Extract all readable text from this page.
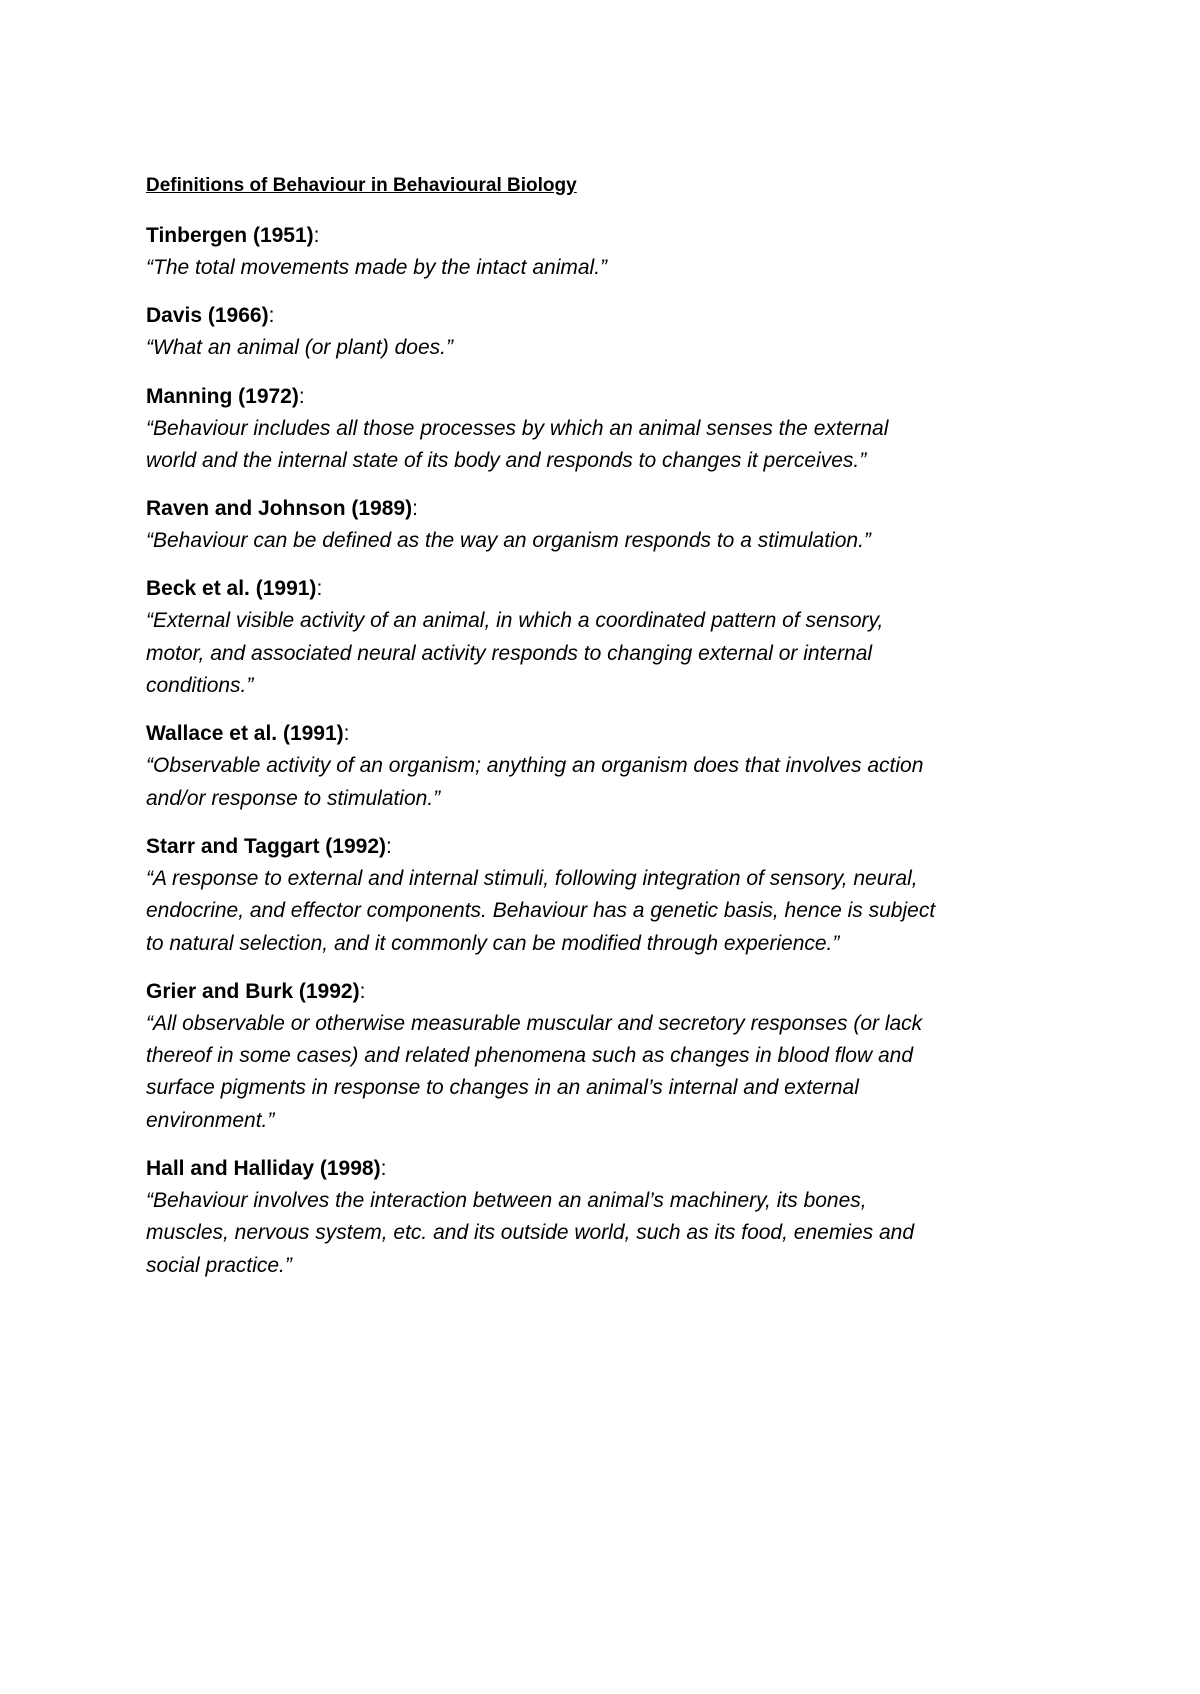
Definitions of Behaviour in Behavioural Biology

Tinbergen (1951):

“The total movements made by the intact animal.”

Davis (1966):

“What an animal (or plant) does.”

Manning (1972):

“Behaviour includes all those processes by which an animal senses the external

world and the internal state of its body and responds to changes it perceives.”

Raven and Johnson (1989):

“Behaviour can be defined as the way an organism responds to a stimulation.”

Beck et al. (1991):

“External visible activity of an animal, in which a coordinated pattern of sensory,

motor, and associated neural activity responds to changing external or internal

conditions.”

Wallace et al. (1991):

“Observable activity of an organism; anything an organism does that involves action

and/or response to stimulation.”

Starr and Taggart (1992):

“A response to external and internal stimuli, following integration of sensory, neural,

endocrine, and effector components. Behaviour has a genetic basis, hence is subject

to natural selection, and it commonly can be modified through experience.”

Grier and Burk (1992):

“All observable or otherwise measurable muscular and secretory responses (or lack

thereof in some cases) and related phenomena such as changes in blood flow and

surface pigments in response to changes in an animal’s internal and external

environment.”

Hall and Halliday (1998):

“Behaviour involves the interaction between an animal’s machinery, its bones,

muscles, nervous system, etc. and its outside world, such as its food, enemies and

social practice.”
